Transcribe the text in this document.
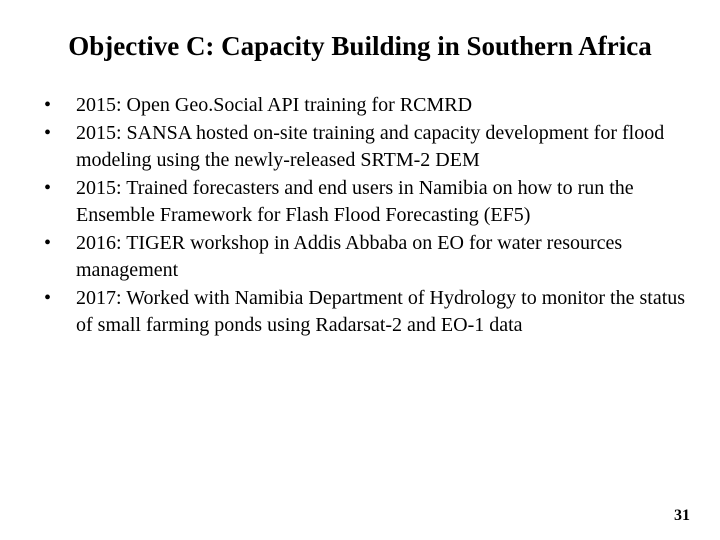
Objective C: Capacity Building in Southern Africa
•	2015: Open Geo.Social API training for RCMRD
•	2015: SANSA hosted on-site training and capacity development for flood modeling using the newly-released SRTM-2 DEM
•	2015: Trained forecasters and end users in Namibia on how to run the Ensemble Framework for Flash Flood Forecasting (EF5)
•	2016: TIGER workshop in Addis Abbaba on EO for water resources management
•	2017: Worked with Namibia Department of Hydrology to monitor the status of small farming ponds using Radarsat-2 and EO-1 data
31
